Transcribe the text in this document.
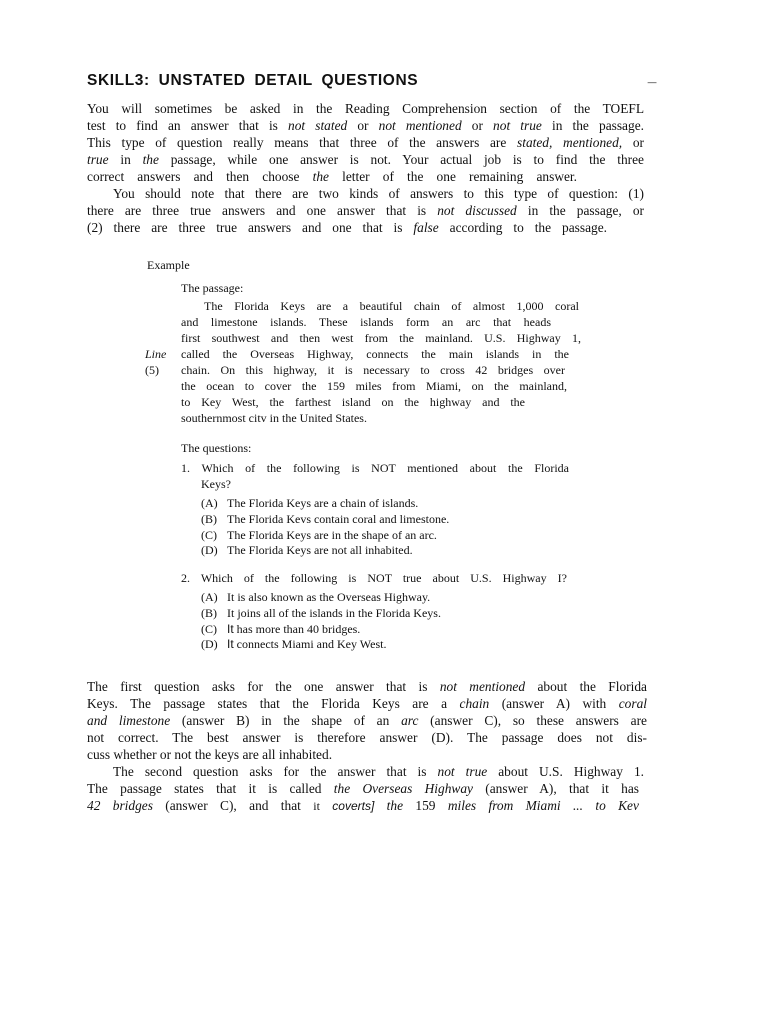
SKILL3: UNSTATED DETAIL QUESTIONS	_
You will sometimes be asked in the Reading Comprehension section of the TOEFL
test to find an answer that is not stated or not mentioned or not true in the passage.
This type of question really means that three of the answers are stated, mentioned, or
true in the passage, while one answer is not. Your actual job is to find the three
correct answers and then choose the letter of the one remaining answer.
You should note that there are two kinds of answers to this type of question: (1)
there are three true answers and one answer that is not discussed in the passage, or
(2) there are three true answers and one that is false according to the passage.
Example
The passage:
The Florida Keys are a beautiful chain of almost 1,000 coral
and limestone islands. These islands form an arc that heads
first southwest and then west from the mainland. U.S. Highway 1,
Line called the Overseas Highway, connects the main islands in the
(5) chain. On this highway, it is necessary to cross 42 bridges over
the ocean to cover the 159 miles from Miami, on the mainland,
to Key West, the farthest island on the highway and the
southernmost citv in the United States.
The questions:
1. Which of the following is NOT mentioned about the Florida
Keys?
(A) The Florida Keys are a chain of islands.
(B) The Florida Kevs contain coral and limestone.
(C) The Florida Keys are in the shape of an arc.
(D) The Florida Keys are not all inhabited.
2. Which of the following is NOT true about U.S. Highway I?
(A) It is also known as the Overseas Highway.
(B) It joins all of the islands in the Florida Keys.
(C) It has more than 40 bridges.
(D) It connects Miami and Key West.
The first question asks for the one answer that is not mentioned about the Florida
Keys. The passage states that the Florida Keys are a chain (answer A) with coral
and limestone (answer B) in the shape of an arc (answer C), so these answers are
not correct. The best answer is therefore answer (D). The passage does not dis-
cuss whether or not the keys are all inhabited.
The second question asks for the answer that is not true about U.S. Highway 1.
The passage states that it is called the Overseas Highway (answer A), that it has
42 bridges (answer C), and that it coverts] the 159 miles from Miami ... to Kev
